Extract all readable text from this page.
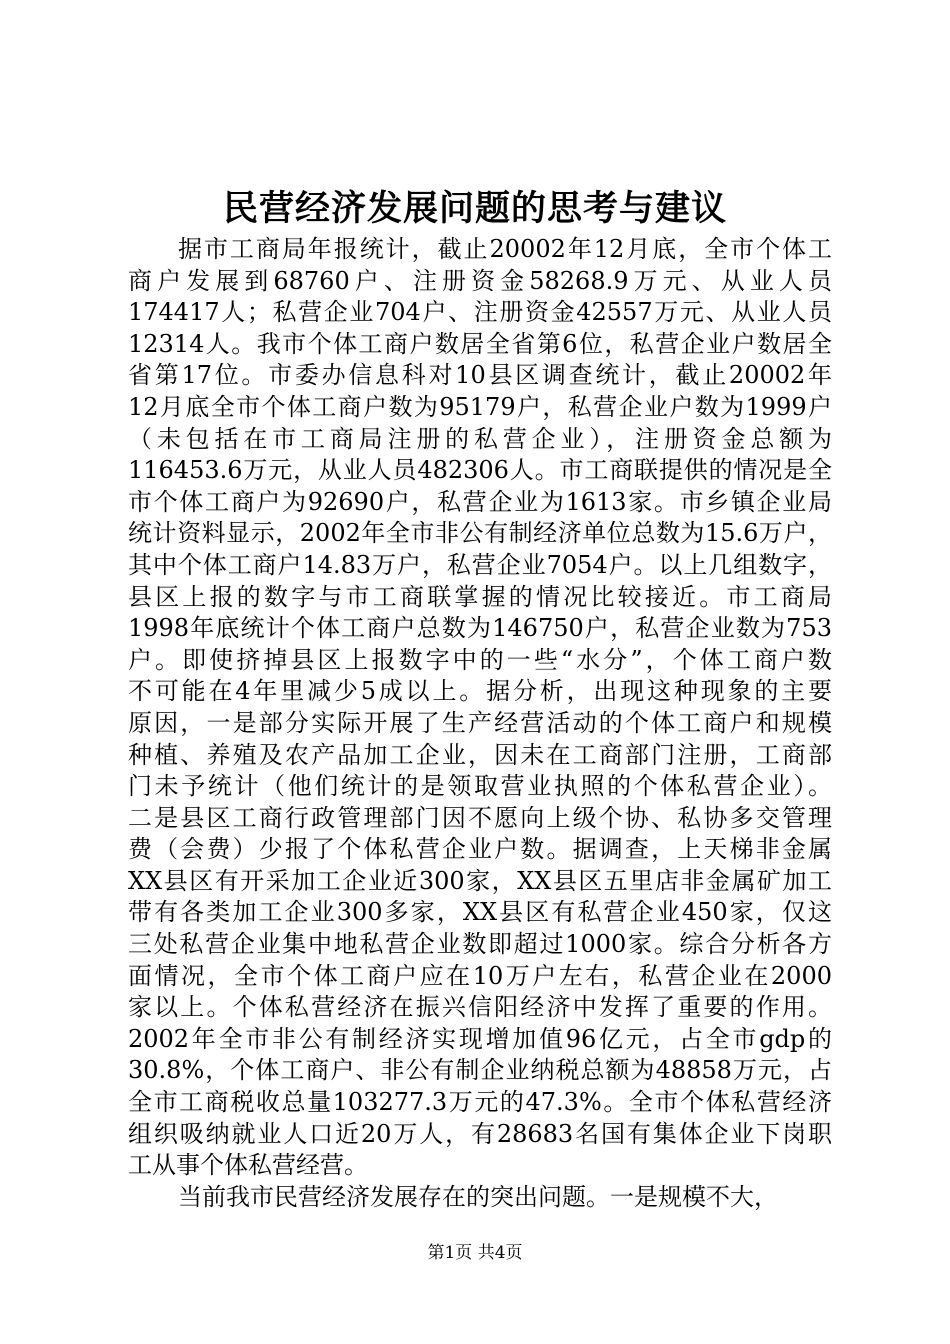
民营经济发展问题的思考与建议
据市工商局年报统计，截止20002年12月底，全市个体工
商户发展到68760户、注册资金58268.9万元、从业人员
174417人；私营企业704户、注册资金42557万元、从业人员
12314人。我市个体工商户数居全省第6位，私营企业户数居全
省第17位。市委办信息科对10县区调查统计，截止20002年
12月底全市个体工商户数为95179户，私营企业户数为1999户
（未包括在市工商局注册的私营企业），注册资金总额为
116453.6万元，从业人员482306人。市工商联提供的情况是全
市个体工商户为92690户，私营企业为1613家。市乡镇企业局
统计资料显示，2002年全市非公有制经济单位总数为15.6万户，
其中个体工商户14.83万户，私营企业7054户。以上几组数字，
县区上报的数字与市工商联掌握的情况比较接近。市工商局
1998年底统计个体工商户总数为146750户，私营企业数为753
户。即使挤掉县区上报数字中的一些“水分”，个体工商户数
不可能在4年里减少5成以上。据分析，出现这种现象的主要
原因，一是部分实际开展了生产经营活动的个体工商户和规模
种植、养殖及农产品加工企业，因未在工商部门注册，工商部
门未予统计（他们统计的是领取营业执照的个体私营企业）。
二是县区工商行政管理部门因不愿向上级个协、私协多交管理
费（会费）少报了个体私营企业户数。据调查，上天梯非金属
XX县区有开采加工企业近300家，XX县区五里店非金属矿加工
带有各类加工企业300多家，XX县区有私营企业450家，仅这
三处私营企业集中地私营企业数即超过1000家。综合分析各方
面情况，全市个体工商户应在10万户左右，私营企业在2000
家以上。个体私营经济在振兴信阳经济中发挥了重要的作用。
2002年全市非公有制经济实现增加值96亿元，占全市gdp的
30.8%，个体工商户、非公有制企业纳税总额为48858万元，占
全市工商税收总量103277.3万元的47.3%。全市个体私营经济
组织吸纳就业人口近20万人，有28683名国有集体企业下岗职
工从事个体私营经营。
当前我市民营经济发展存在的突出问题。一是规模不大，
第1页 共4页
